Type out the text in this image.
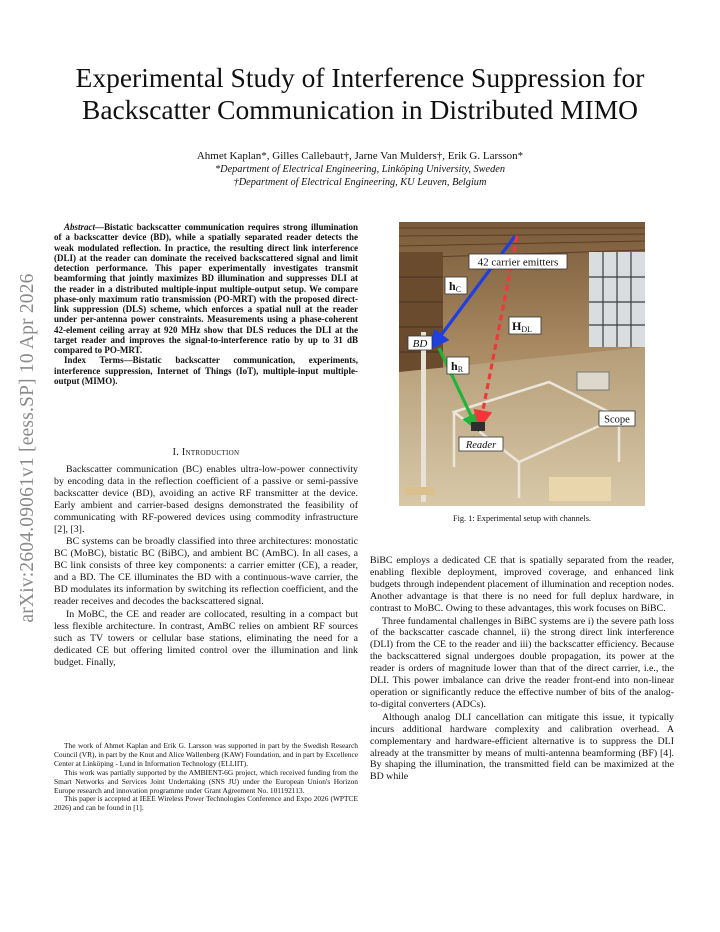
arXiv:2604.09061v1 [eess.SP] 10 Apr 2026
Experimental Study of Interference Suppression for
Backscatter Communication in Distributed MIMO
Ahmet Kaplan*, Gilles Callebaut†, Jarne Van Mulders†, Erik G. Larsson*
*Department of Electrical Engineering, Linköping University, Sweden
†Department of Electrical Engineering, KU Leuven, Belgium

Abstract—Bistatic backscatter communication requires strong illumination of a backscatter device (BD), while a spatially separated reader detects the weak modulated reflection. In practice, the resulting direct link interference (DLI) at the reader can dominate the received backscattered signal and limit detection performance. This paper experimentally investigates transmit beamforming that jointly maximizes BD illumination and suppresses DLI at the reader in a distributed multiple-input multiple-output setup. We compare phase-only maximum ratio transmission (PO-MRT) with the proposed direct-link suppression (DLS) scheme, which enforces a spatial null at the reader under per-antenna power constraints. Measurements using a phase-coherent 42-element ceiling array at 920 MHz show that DLS reduces the DLI at the target reader and improves the signal-to-interference ratio by up to 31 dB compared to PO-MRT.

Index Terms—Bistatic backscatter communication, experiments, interference suppression, Internet of Things (IoT), multiple-input multiple-output (MIMO).

I. Introduction

Backscatter communication (BC) enables ultra-low-power connectivity by encoding data in the reflection coefficient of a passive or semi-passive backscatter device (BD), avoiding an active RF transmitter at the device. Early ambient and carrier-based designs demonstrated the feasibility of communicating with RF-powered devices using commodity infrastructure [2], [3].

BC systems can be broadly classified into three architectures: monostatic BC (MoBC), bistatic BC (BiBC), and ambient BC (AmBC). In all cases, a BC link consists of three key components: a carrier emitter (CE), a reader, and a BD. The CE illuminates the BD with a continuous-wave carrier, the BD modulates its information by switching its reflection coefficient, and the reader receives and decodes the backscattered signal.

In MoBC, the CE and reader are collocated, resulting in a compact but less flexible architecture. In contrast, AmBC relies on ambient RF sources such as TV towers or cellular base stations, eliminating the need for a dedicated CE but offering limited control over the illumination and link budget. Finally,

The work of Ahmet Kaplan and Erik G. Larsson was supported in part by the Swedish Research Council (VR), in part by the Knut and Alice Wallenberg (KAW) Foundation, and in part by Excellence Center at Linköping - Lund in Information Technology (ELLIIT).

This work was partially supported by the AMBIENT-6G project, which received funding from the Smart Networks and Services Joint Undertaking (SNS JU) under the European Union's Horizon Europe research and innovation programme under Grant Agreement No. 101192113.

This paper is accepted at IEEE Wireless Power Technologies Conference and Expo 2026 (WPTCE 2026) and can be found in [1].

42 carrier emitters
hC
HDL
BD
hR
Scope
Reader
Fig. 1: Experimental setup with channels.

BiBC employs a dedicated CE that is spatially separated from the reader, enabling flexible deployment, improved coverage, and enhanced link budgets through independent placement of illumination and reception nodes. Another advantage is that there is no need for full deplux hardware, in contrast to MoBC. Owing to these advantages, this work focuses on BiBC.

Three fundamental challenges in BiBC systems are i) the severe path loss of the backscatter cascade channel, ii) the strong direct link interference (DLI) from the CE to the reader and iii) the backscatter efficiency. Because the backscattered signal undergoes double propagation, its power at the reader is orders of magnitude lower than that of the direct carrier, i.e., the DLI. This power imbalance can drive the reader front-end into non-linear operation or significantly reduce the effective number of bits of the analog-to-digital converters (ADCs).

Although analog DLI cancellation can mitigate this issue, it typically incurs additional hardware complexity and calibration overhead. A complementary and hardware-efficient alternative is to suppress the DLI already at the transmitter by means of multi-antenna beamforming (BF) [4]. By shaping the illumination, the transmitted field can be maximized at the BD while
